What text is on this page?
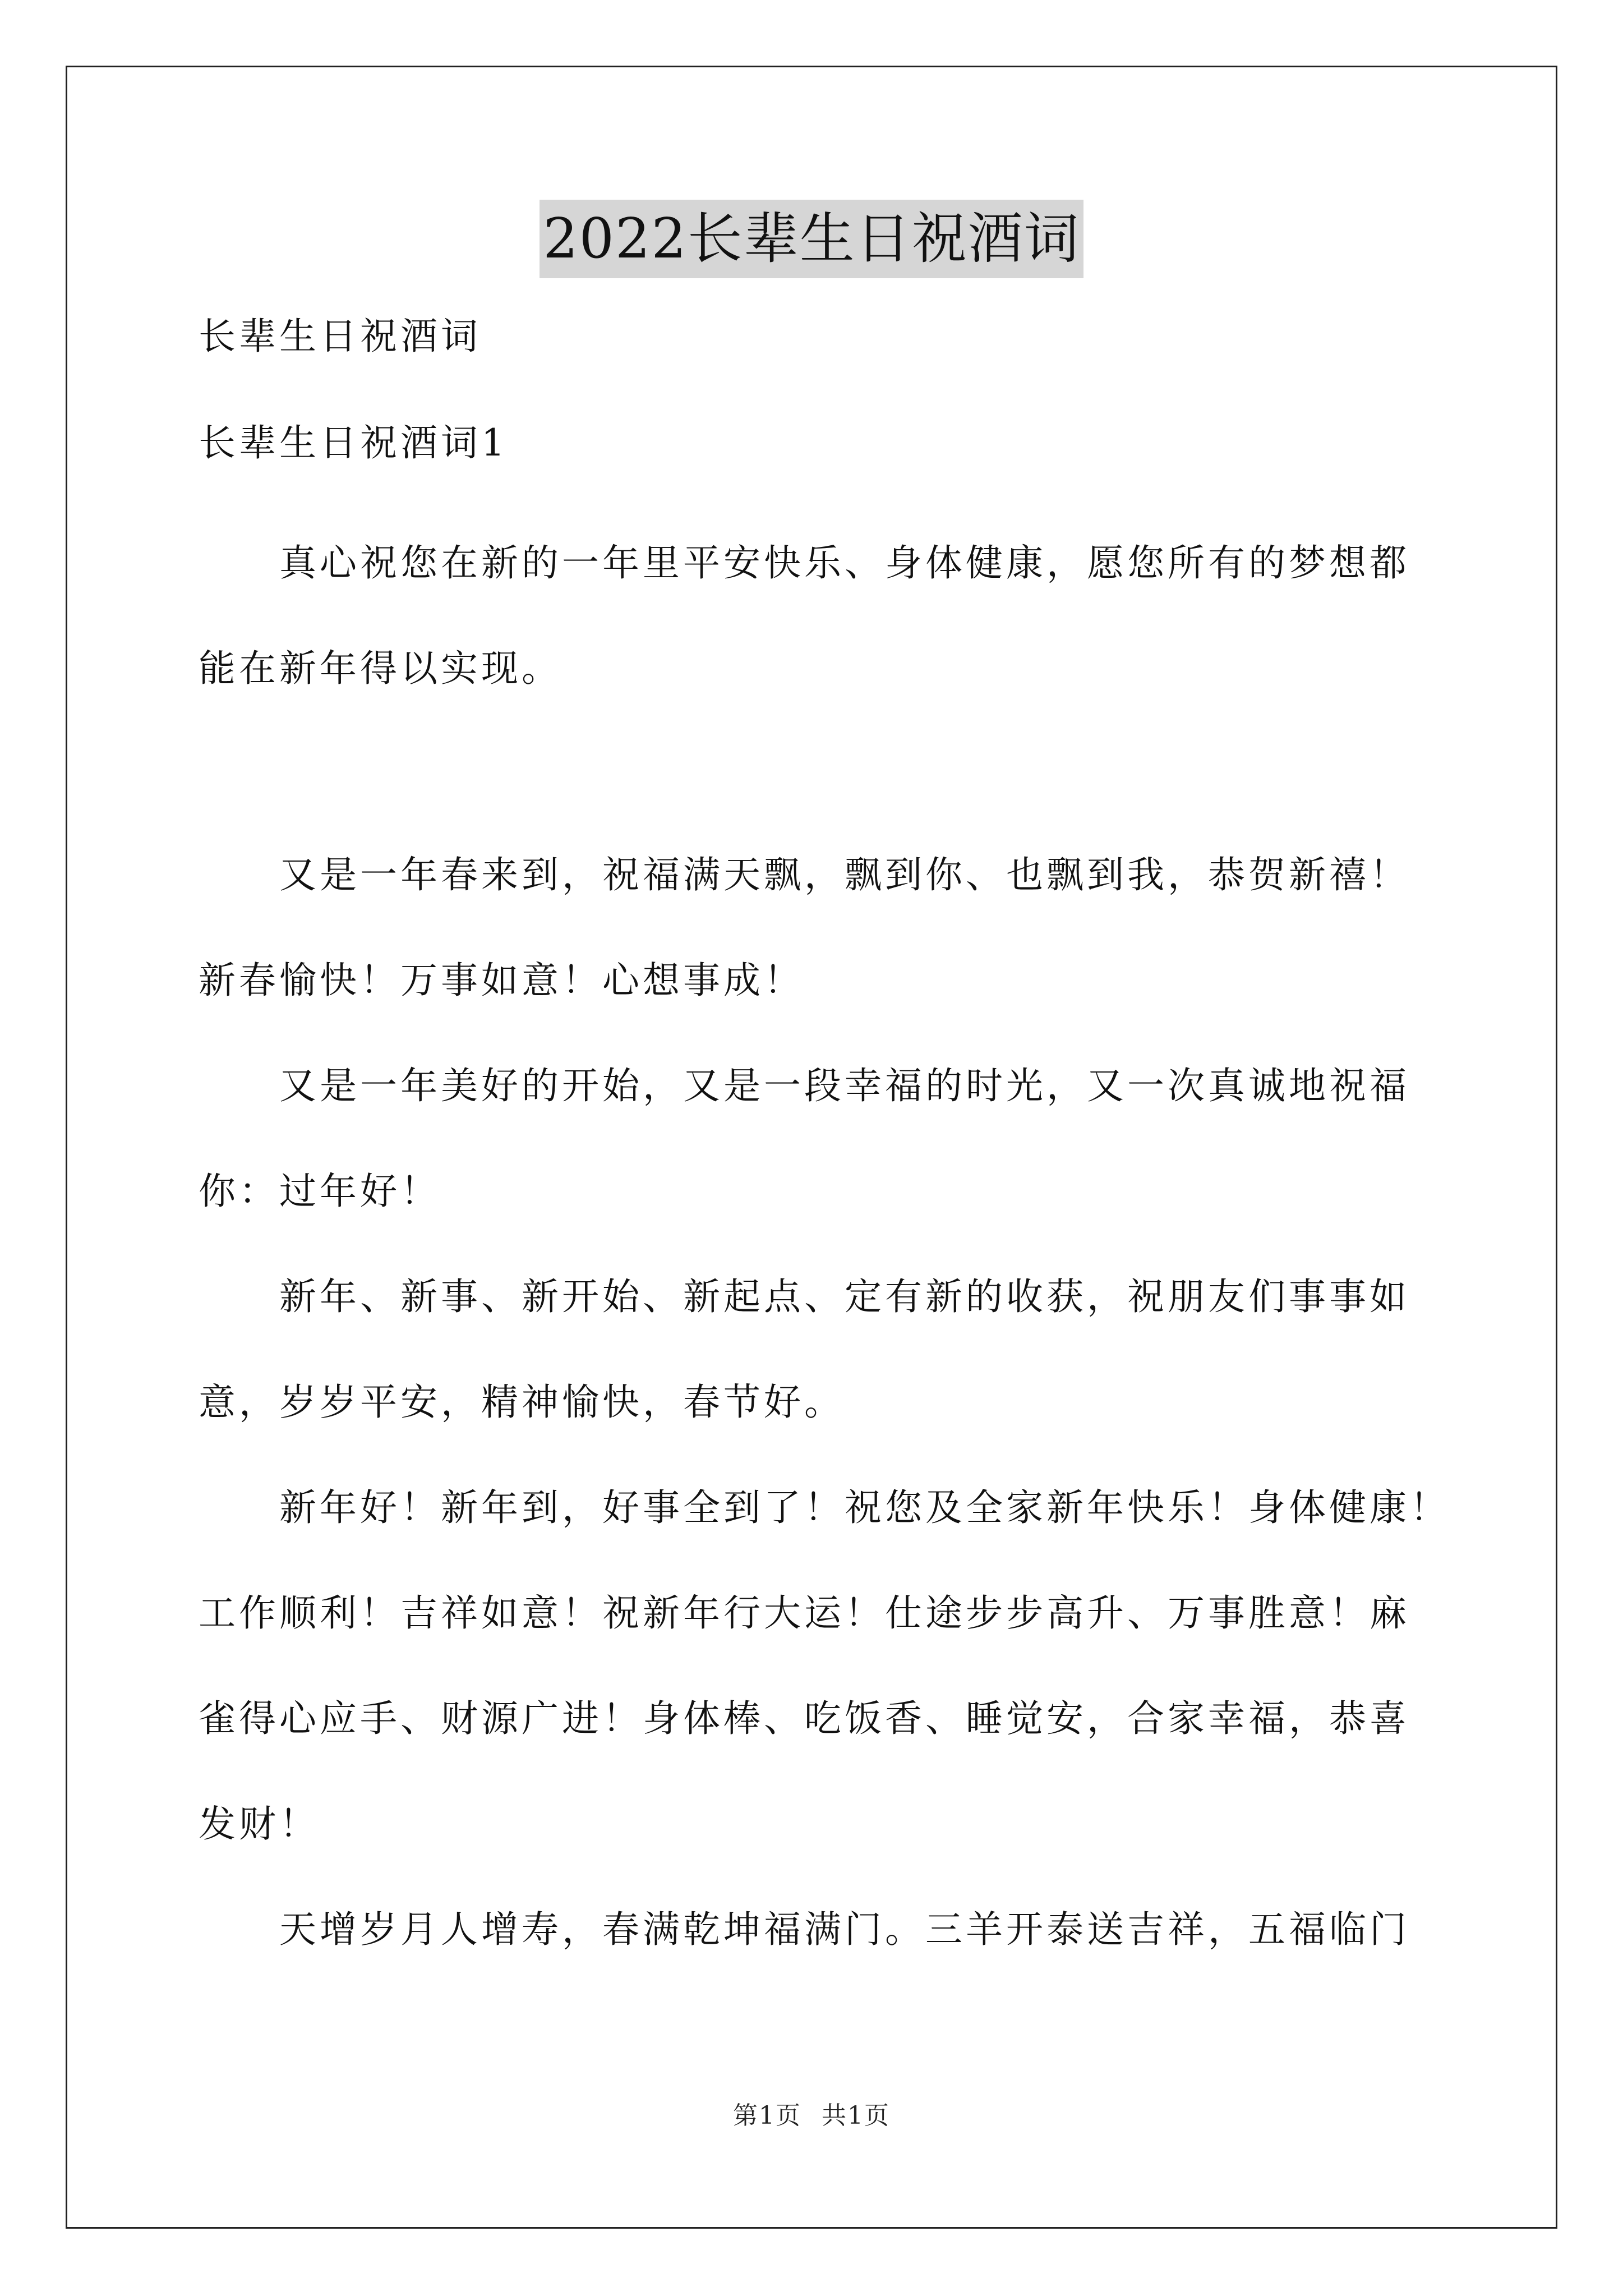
2022长辈生日祝酒词
长辈生日祝酒词
长辈生日祝酒词1
真心祝您在新的一年里平安快乐、身体健康，愿您所有的梦想都
能在新年得以实现。
又是一年春来到，祝福满天飘，飘到你、也飘到我，恭贺新禧！
新春愉快！万事如意！心想事成！
又是一年美好的开始，又是一段幸福的时光，又一次真诚地祝福
你：过年好！
新年、新事、新开始、新起点、定有新的收获，祝朋友们事事如
意，岁岁平安，精神愉快，春节好。
新年好！新年到，好事全到了！祝您及全家新年快乐！身体健康！
工作顺利！吉祥如意！祝新年行大运！仕途步步高升、万事胜意！麻
雀得心应手、财源广进！身体棒、吃饭香、睡觉安，合家幸福，恭喜
发财！
天增岁月人增寿，春满乾坤福满门。三羊开泰送吉祥，五福临门
第1页 共1页
